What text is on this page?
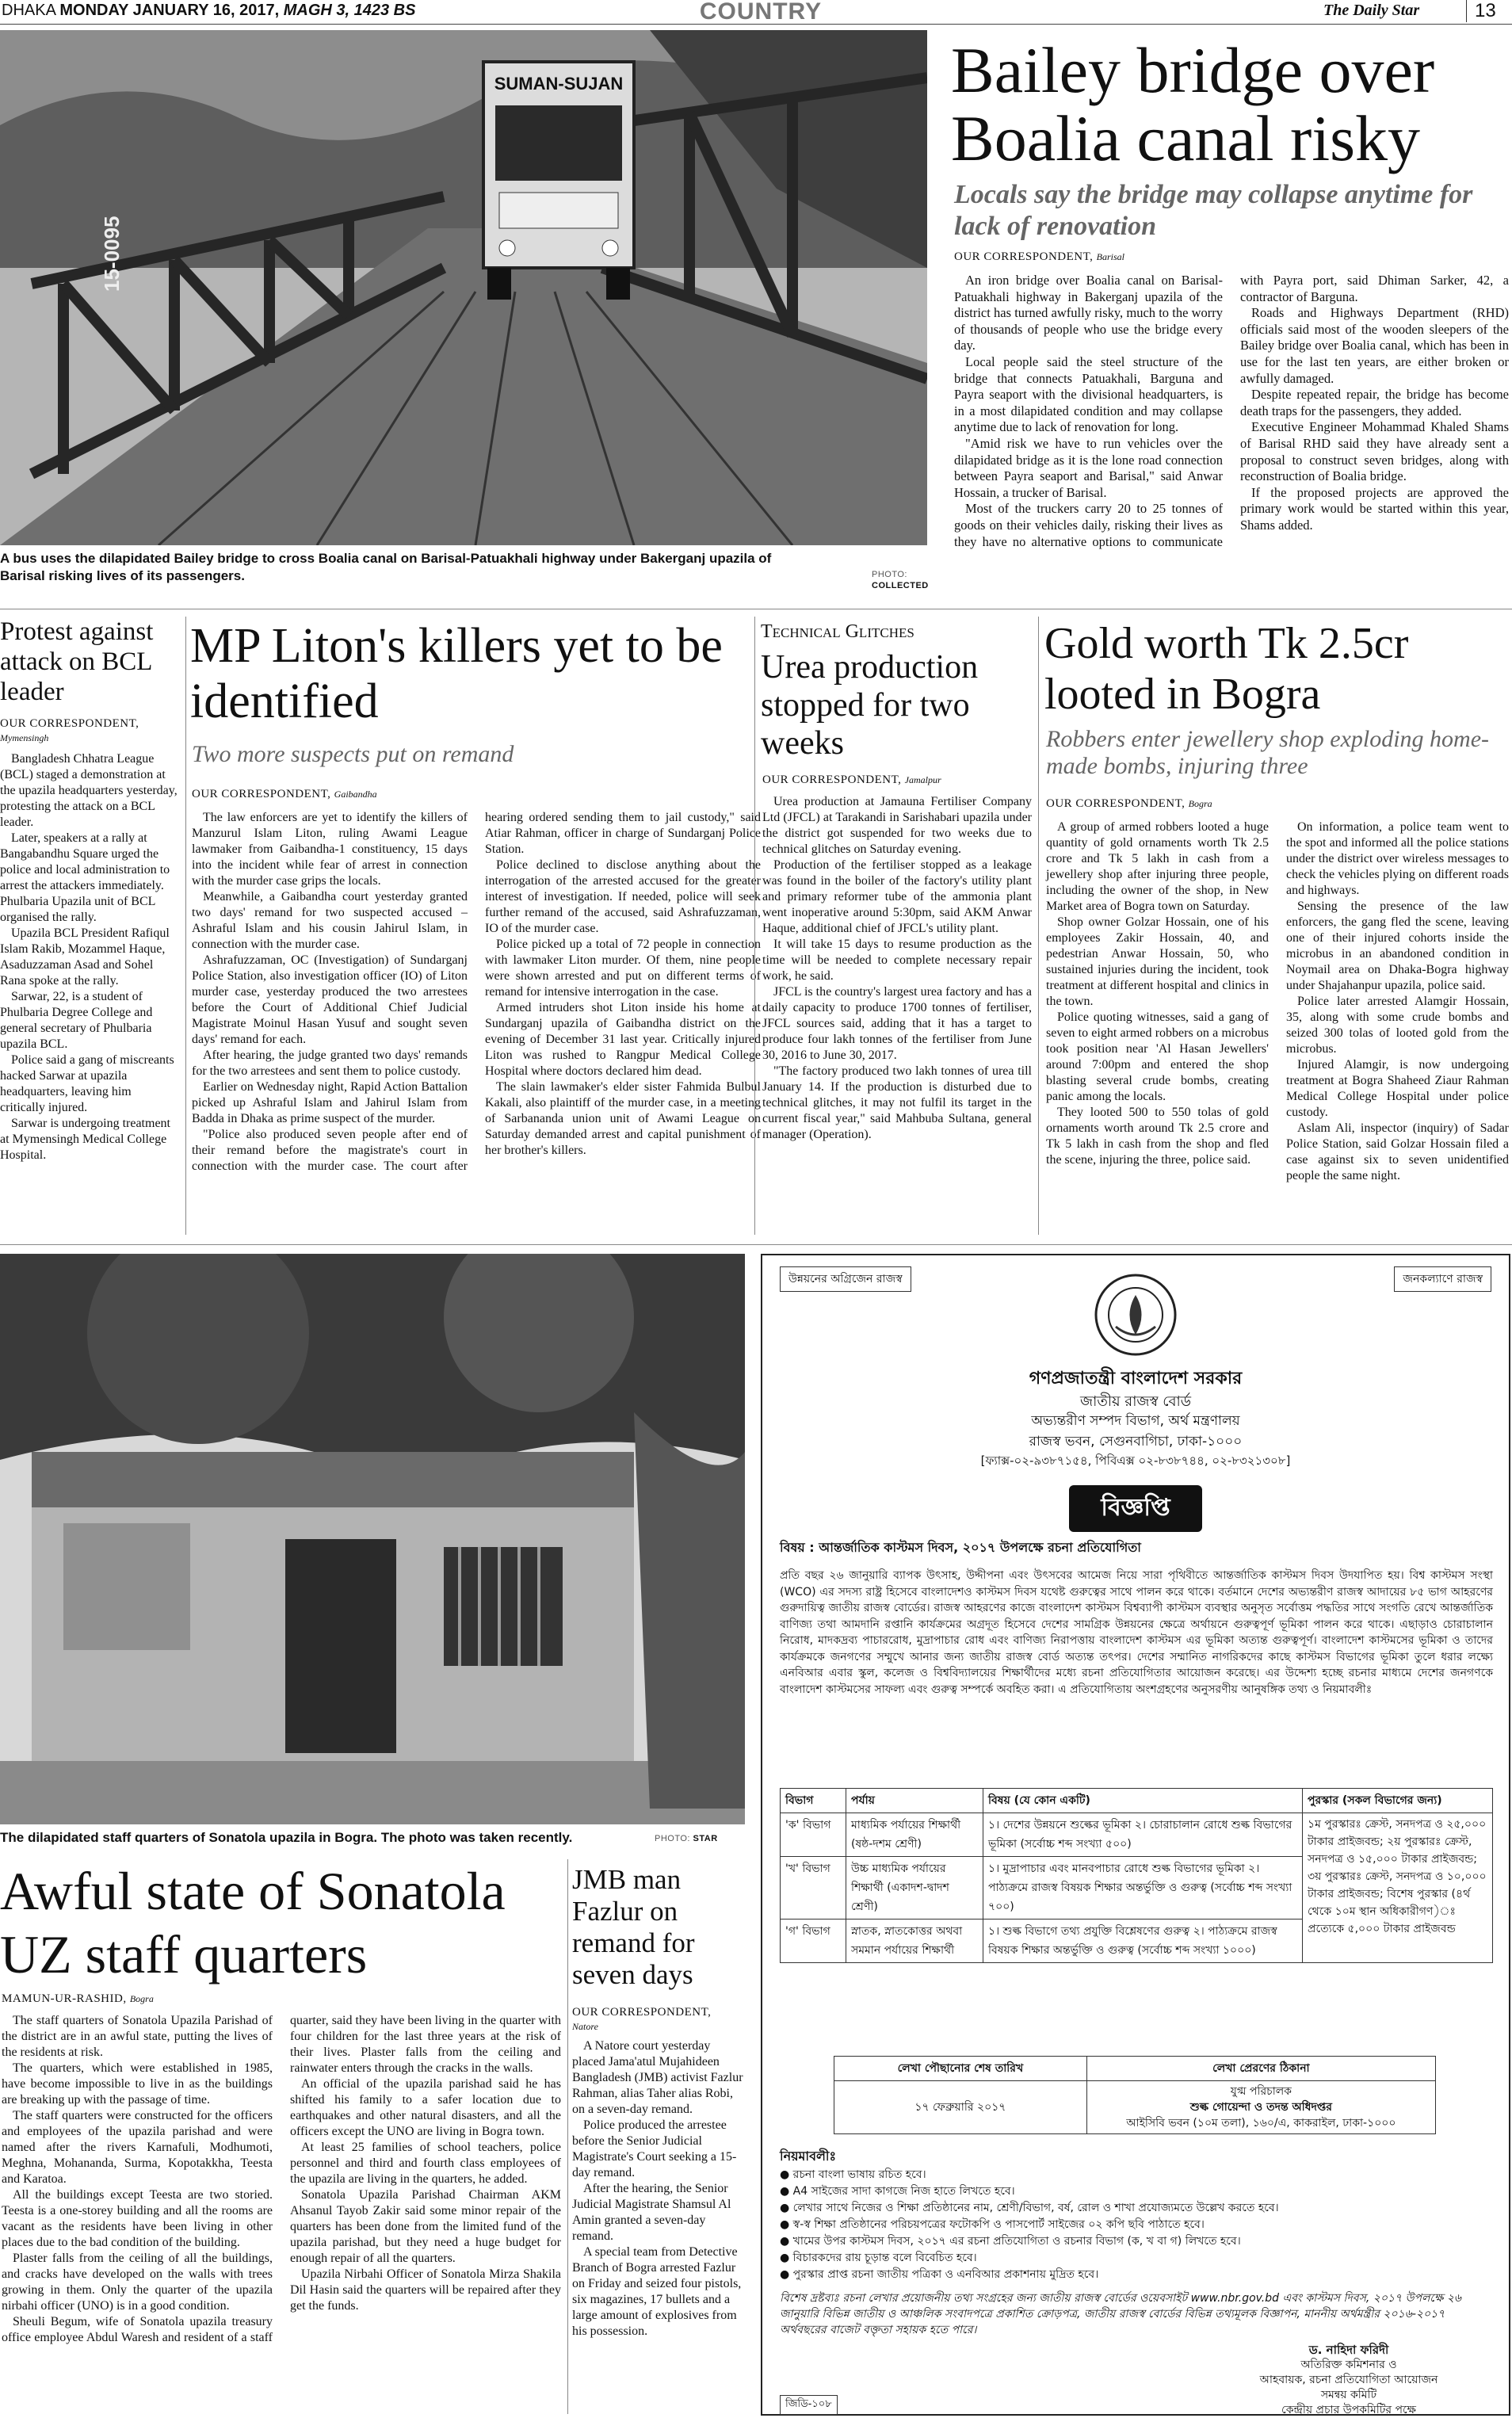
DHAKA MONDAY JANUARY 16, 2017, MAGH 3, 1423 BS	COUNTRY	The Daily Star	13
SUMAN-SUJAN
15-0095
A bus uses the dilapidated Bailey bridge to cross Boalia canal on Barisal-Patuakhali highway under Bakerganj upazila of Barisal risking lives of its passengers.	PHOTO:
COLLECTED
Bailey bridge over Boalia canal risky
Locals say the bridge may collapse anytime for lack of renovation
OUR CORRESPONDENT, Barisal

An iron bridge over Boalia canal on Barisal-Patuakhali highway in Bakerganj upazila of the district has turned awfully risky, much to the worry of thousands of people who use the bridge every day.

Local people said the steel structure of the bridge that connects Patuakhali, Barguna and Payra seaport with the divisional headquarters, is in a most dilapidated condition and may collapse anytime due to lack of renovation for long.

"Amid risk we have to run vehicles over the dilapidated bridge as it is the lone road connection between Payra seaport and Barisal," said Anwar Hossain, a trucker of Barisal.

Most of the truckers carry 20 to 25 tonnes of goods on their vehicles daily, risking their lives as they have no alternative options to communicate with Payra port, said Dhiman Sarker, 42, a contractor of Barguna.

Roads and Highways Department (RHD) officials said most of the wooden sleepers of the Bailey bridge over Boalia canal, which has been in use for the last ten years, are either broken or awfully damaged.

Despite repeated repair, the bridge has become death traps for the passengers, they added.

Executive Engineer Mohammad Khaled Shams of Barisal RHD said they have already sent a proposal to construct seven bridges, along with reconstruction of Boalia bridge.

If the proposed projects are approved the primary work would be started within this year, Shams added.

Protest against attack on BCL leader
OUR CORRESPONDENT,
Mymensingh

Bangladesh Chhatra League (BCL) staged a demonstration at the upazila headquarters yesterday, protesting the attack on a BCL leader.

Later, speakers at a rally at Bangabandhu Square urged the police and local administration to arrest the attackers immediately. Phulbaria Upazila unit of BCL organised the rally.

Upazila BCL President Rafiqul Islam Rakib, Mozammel Haque, Asaduzzaman Asad and Sohel Rana spoke at the rally.

Sarwar, 22, is a student of Phulbaria Degree College and general secretary of Phulbaria upazila BCL.

Police said a gang of miscreants hacked Sarwar at upazila headquarters, leaving him critically injured.

Sarwar is undergoing treatment at Mymensingh Medical College Hospital.

MP Liton's killers yet to be identified
Two more suspects put on remand
OUR CORRESPONDENT, Gaibandha

The law enforcers are yet to identify the killers of Manzurul Islam Liton, ruling Awami League lawmaker from Gaibandha-1 constituency, 15 days into the incident while fear of arrest in connection with the murder case grips the locals.

Meanwhile, a Gaibandha court yesterday granted two days' remand for two suspected accused – Ashraful Islam and his cousin Jahirul Islam, in connection with the murder case.

Ashrafuzzaman, OC (Investigation) of Sundarganj Police Station, also investigation officer (IO) of Liton murder case, yesterday produced the two arrestees before the Court of Additional Chief Judicial Magistrate Moinul Hasan Yusuf and sought seven days' remand for each.

After hearing, the judge granted two days' remands for the two arrestees and sent them to police custody.

Earlier on Wednesday night, Rapid Action Battalion picked up Ashraful Islam and Jahirul Islam from Badda in Dhaka as prime suspect of the murder.

"Police also produced seven people after end of their remand before the magistrate's court in connection with the murder case. The court after hearing ordered sending them to jail custody," said Atiar Rahman, officer in charge of Sundarganj Police Station.

Police declined to disclose anything about the interrogation of the arrested accused for the greater interest of investigation. If needed, police will seek further remand of the accused, said Ashrafuzzaman, IO of the murder case.

Police picked up a total of 72 people in connection with lawmaker Liton murder. Of them, nine people were shown arrested and put on different terms of remand for intensive interrogation in the case.

Armed intruders shot Liton inside his home at Sundarganj upazila of Gaibandha district on the evening of December 31 last year. Critically injured Liton was rushed to Rangpur Medical College Hospital where doctors declared him dead.

The slain lawmaker's elder sister Fahmida Bulbul Kakali, also plaintiff of the murder case, in a meeting of Sarbananda union unit of Awami League on Saturday demanded arrest and capital punishment of her brother's killers.

Technical Glitches
Urea production stopped for two weeks
OUR CORRESPONDENT, Jamalpur

Urea production at Jamauna Fertiliser Company Ltd (JFCL) at Tarakandi in Sarishabari upazila under the district got suspended for two weeks due to technical glitches on Saturday evening.

Production of the fertiliser stopped as a leakage was found in the boiler of the factory's utility plant and primary reformer tube of the ammonia plant went inoperative around 5:30pm, said AKM Anwar Haque, additional chief of JFCL's utility plant.

It will take 15 days to resume production as the time will be needed to complete necessary repair work, he said.

JFCL is the country's largest urea factory and has a daily capacity to produce 1700 tonnes of fertiliser, JFCL sources said, adding that it has a target to produce four lakh tonnes of the fertiliser from June 30, 2016 to June 30, 2017.

"The factory produced two lakh tonnes of urea till January 14. If the production is disturbed due to technical glitches, it may not fulfil its target in the current fiscal year," said Mahbuba Sultana, general manager (Operation).

Gold worth Tk 2.5cr looted in Bogra
Robbers enter jewellery shop exploding home-made bombs, injuring three
OUR CORRESPONDENT, Bogra

A group of armed robbers looted a huge quantity of gold ornaments worth Tk 2.5 crore and Tk 5 lakh in cash from a jewellery shop after injuring three people, including the owner of the shop, in New Market area of Bogra town on Saturday.

Shop owner Golzar Hossain, one of his employees Zakir Hossain, 40, and pedestrian Anwar Hossain, 50, who sustained injuries during the incident, took treatment at different hospital and clinics in the town.

Police quoting witnesses, said a gang of seven to eight armed robbers on a microbus took position near 'Al Hasan Jewellers' around 7:00pm and entered the shop blasting several crude bombs, creating panic among the locals.

They looted 500 to 550 tolas of gold ornaments worth around Tk 2.5 crore and Tk 5 lakh in cash from the shop and fled the scene, injuring the three, police said.

On information, a police team went to the spot and informed all the police stations under the district over wireless messages to check the vehicles plying on different roads and highways.

Sensing the presence of the law enforcers, the gang fled the scene, leaving one of their injured cohorts inside the microbus in an abandoned condition in Noymail area on Dhaka-Bogra highway under Shajahanpur upazila, police said.

Police later arrested Alamgir Hossain, 35, along with some crude bombs and seized 300 tolas of looted gold from the microbus.

Injured Alamgir, is now undergoing treatment at Bogra Shaheed Ziaur Rahman Medical College Hospital under police custody.

Aslam Ali, inspector (inquiry) of Sadar Police Station, said Golzar Hossain filed a case against six to seven unidentified people the same night.

The dilapidated staff quarters of Sonatola upazila in Bogra. The photo was taken recently.	PHOTO: STAR
Awful state of Sonatola UZ staff quarters
MAMUN-UR-RASHID, Bogra

The staff quarters of Sonatola Upazila Parishad of the district are in an awful state, putting the lives of the residents at risk.

The quarters, which were established in 1985, have become impossible to live in as the buildings are breaking up with the passage of time.

The staff quarters were constructed for the officers and employees of the upazila parishad and were named after the rivers Karnafuli, Modhumoti, Meghna, Mohananda, Surma, Kopotakkha, Teesta and Karatoa.

All the buildings except Teesta are two storied. Teesta is a one-storey building and all the rooms are vacant as the residents have been living in other places due to the bad condition of the building.

Plaster falls from the ceiling of all the buildings, and cracks have developed on the walls with trees growing in them. Only the quarter of the upazila nirbahi officer (UNO) is in a good condition.

Sheuli Begum, wife of Sonatola upazila treasury office employee Abdul Waresh and resident of a staff quarter, said they have been living in the quarter with four children for the last three years at the risk of their lives. Plaster falls from the ceiling and rainwater enters through the cracks in the walls.

An official of the upazila parishad said he has shifted his family to a safer location due to earthquakes and other natural disasters, and all the officers except the UNO are living in Bogra town.

At least 25 families of school teachers, police personnel and third and fourth class employees of the upazila are living in the quarters, he added.

Sonatola Upazila Parishad Chairman AKM Ahsanul Tayob Zakir said some minor repair of the quarters has been done from the limited fund of the upazila parishad, but they need a huge budget for enough repair of all the quarters.

Upazila Nirbahi Officer of Sonatola Mirza Shakila Dil Hasin said the quarters will be repaired after they get the funds.

JMB man Fazlur on remand for seven days
OUR CORRESPONDENT,
Natore

A Natore court yesterday placed Jama'atul Mujahideen Bangladesh (JMB) activist Fazlur Rahman, alias Taher alias Robi, on a seven-day remand.

Police produced the arrestee before the Senior Judicial Magistrate's Court seeking a 15-day remand.

After the hearing, the Senior Judicial Magistrate Shamsul Al Amin granted a seven-day remand.

A special team from Detective Branch of Bogra arrested Fazlur on Friday and seized four pistols, six magazines, 17 bullets and a large amount of explosives from his possession.

উন্নয়নের অগ্রিজেন রাজস্ব	জনকল্যাণে রাজস্ব
গণপ্রজাতন্ত্রী বাংলাদেশ সরকার
জাতীয় রাজস্ব বোর্ড
অভ্যন্তরীণ সম্পদ বিভাগ, অর্থ মন্ত্রণালয়
রাজস্ব ভবন, সেগুনবাগিচা, ঢাকা-১০০০
[ফ্যাক্স-০২-৯৩৮৭১৫৪, পিবিএক্স ০২-৮৩৮৭৪৪, ০২-৮৩২১৩০৮]
বিজ্ঞপ্তি
বিষয় : আন্তর্জাতিক কাস্টমস দিবস, ২০১৭ উপলক্ষে রচনা প্রতিযোগিতা
প্রতি বছর ২৬ জানুয়ারি ব্যাপক উৎসাহ, উদ্দীপনা এবং উৎসবের আমেজ নিয়ে সারা পৃথিবীতে আন্তর্জাতিক কাস্টমস দিবস উদযাপিত হয়। বিশ্ব কাস্টমস সংস্থা (WCO) এর সদস্য রাষ্ট্র হিসেবে বাংলাদেশও কাস্টমস দিবস যথেষ্ট গুরুত্বের সাথে পালন করে থাকে। বর্তমানে দেশের অভ্যন্তরীণ রাজস্ব আদায়ের ৮৫ ভাগ আহরণের গুরুদায়িত্ব জাতীয় রাজস্ব বোর্ডের। রাজস্ব আহরণের কাজে বাংলাদেশ কাস্টমস বিশ্বব্যাপী কাস্টমস ব্যবস্থার অনুসৃত সর্বোত্তম পদ্ধতির সাথে সংগতি রেখে আন্তর্জাতিক বাণিজ্য তথা আমদানি রপ্তানি কার্যক্রমের অগ্রদূত হিসেবে দেশের সামগ্রিক উন্নয়নের ক্ষেত্রে অর্থায়নে গুরুত্বপূর্ণ ভূমিকা পালন করে থাকে। এছাড়াও চোরাচালান নিরোধ, মাদকদ্রব্য পাচাররোধ, মুদ্রাপাচার রোধ এবং বাণিজ্য নিরাপত্তায় বাংলাদেশ কাস্টমস এর ভূমিকা অত্যন্ত গুরুত্বপূর্ণ। বাংলাদেশ কাস্টমসের ভূমিকা ও তাদের কার্যক্রমকে জনগণের সম্মুখে আনার জন্য জাতীয় রাজস্ব বোর্ড অত্যন্ত তৎপর। দেশের সম্মানিত নাগরিকদের কাছে কাস্টমস বিভাগের ভূমিকা তুলে ধরার লক্ষ্যে এনবিআর এবার স্কুল, কলেজ ও বিশ্ববিদ্যালয়ের শিক্ষার্থীদের মধ্যে রচনা প্রতিযোগিতার আয়োজন করেছে। এর উদ্দেশ্য হচ্ছে রচনার মাধ্যমে দেশের জনগণকে বাংলাদেশ কাস্টমসের সাফল্য এবং গুরুত্ব সম্পর্কে অবহিত করা। এ প্রতিযোগিতায় অংশগ্রহণের অনুসরণীয় আনুষঙ্গিক তথ্য ও নিয়মাবলীঃ
বিভাগ	পর্যায়	বিষয় (যে কোন একটি)	পুরস্কার (সকল বিভাগের জন্য)
'ক' বিভাগ	মাধ্যমিক পর্যায়ের শিক্ষার্থী (ষষ্ঠ-দশম শ্রেণী)	১। দেশের উন্নয়নে শুল্কের ভূমিকা ২। চোরাচালান রোধে শুল্ক বিভাগের ভূমিকা (সর্বোচ্চ শব্দ সংখ্যা ৫০০)	১ম পুরস্কারঃ ক্রেস্ট, সনদপত্র ও ২৫,০০০ টাকার প্রাইজবন্ড; ২য় পুরস্কারঃ ক্রেস্ট, সনদপত্র ও ১৫,০০০ টাকার প্রাইজবন্ড; ৩য় পুরস্কারঃ ক্রেস্ট, সনদপত্র ও ১০,০০০ টাকার প্রাইজবন্ড; বিশেষ পুরস্কার (৪র্থ থেকে ১০ম স্থান অধিকারীগণ)ঃ প্রত্যেকে ৫,০০০ টাকার প্রাইজবন্ড
'খ' বিভাগ	উচ্চ মাধ্যমিক পর্যায়ের শিক্ষার্থী (একাদশ-দ্বাদশ শ্রেণী)	১। মুদ্রাপাচার এবং মানবপাচার রোধে শুল্ক বিভাগের ভূমিকা ২। পাঠ্যক্রমে রাজস্ব বিষয়ক শিক্ষার অন্তর্ভুক্তি ও গুরুত্ব (সর্বোচ্চ শব্দ সংখ্যা ৭০০)	
'গ' বিভাগ	স্নাতক, স্নাতকোত্তর অথবা সমমান পর্যায়ের শিক্ষার্থী	১। শুল্ক বিভাগে তথ্য প্রযুক্তি বিশ্লেষণের গুরুত্ব ২। পাঠ্যক্রমে রাজস্ব বিষয়ক শিক্ষার অন্তর্ভুক্তি ও গুরুত্ব (সর্বোচ্চ শব্দ সংখ্যা ১০০০)	
লেখা পৌছানোর শেষ তারিখ	লেখা প্রেরণের ঠিকানা
১৭ ফেব্রুয়ারি ২০১৭	যুগ্ম পরিচালক
শুল্ক গোয়েন্দা ও তদন্ত অধিদপ্তর
আইসিবি ভবন (১০ম তলা), ১৬০/এ, কাকরাইল, ঢাকা-১০০০
নিয়মাবলীঃ
● রচনা বাংলা ভাষায় রচিত হবে।
● A4 সাইজের সাদা কাগজে নিজ হাতে লিখতে হবে।
● লেখার সাথে নিজের ও শিক্ষা প্রতিষ্ঠানের নাম, শ্রেণী/বিভাগ, বর্ষ, রোল ও শাখা প্রযোজ্যমতে উল্লেখ করতে হবে।
● স্ব-স্ব শিক্ষা প্রতিষ্ঠানের পরিচয়পত্রের ফটোকপি ও পাসপোর্ট সাইজের ০২ কপি ছবি পাঠাতে হবে।
● খামের উপর কাস্টমস দিবস, ২০১৭ এর রচনা প্রতিযোগিতা ও রচনার বিভাগ (ক, খ বা গ) লিখতে হবে।
● বিচারকদের রায় চূড়ান্ত বলে বিবেচিত হবে।
● পুরস্কার প্রাপ্ত রচনা জাতীয় পত্রিকা ও এনবিআর প্রকাশনায় মুদ্রিত হবে।
বিশেষ দ্রষ্টব্যঃ রচনা লেখার প্রয়োজনীয় তথ্য সংগ্রহের জন্য জাতীয় রাজস্ব বোর্ডের ওয়েবসাইট www.nbr.gov.bd এবং কাস্টমস দিবস, ২০১৭ উপলক্ষে ২৬ জানুয়ারি বিভিন্ন জাতীয় ও আঞ্চলিক সংবাদপত্রে প্রকাশিত ক্রোড়পত্র, জাতীয় রাজস্ব বোর্ডের বিভিন্ন তথ্যমূলক বিজ্ঞাপন, মাননীয় অর্থমন্ত্রীর ২০১৬-২০১৭ অর্থবছরের বাজেট বক্তৃতা সহায়ক হতে পারে।
ড. নাহিদা ফরিদী
অতিরিক্ত কমিশনার ও
আহবায়ক, রচনা প্রতিযোগিতা আয়োজন
সমন্বয় কমিটি
কেন্দ্রীয় প্রচার উপকমিটির পক্ষে
জিডি-১০৮
